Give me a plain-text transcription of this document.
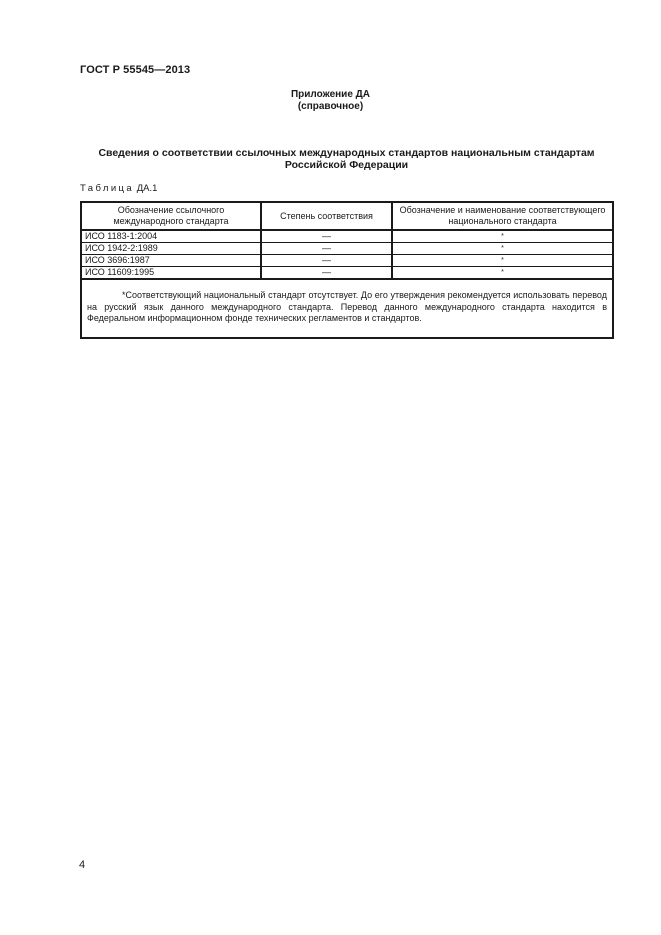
ГОСТ Р 55545—2013
Приложение ДА
(справочное)
Сведения о соответствии ссылочных международных стандартов национальным стандартам
Российской Федерации
Таблица ДА.1
Обозначение ссылочного международного стандарта	Степень соответствия	Обозначение и наименование соответствующего национального стандарта
ИСО 1183-1:2004	—	*
ИСО 1942-2:1989	—	*
ИСО 3696:1987	—	*
ИСО 11609:1995	—	*
*Соответствующий национальный стандарт отсутствует. До его утверждения рекомендуется использовать перевод на русский язык данного международного стандарта. Перевод данного международного стандарта находится в Федеральном информационном фонде технических регламентов и стандартов.		
4
